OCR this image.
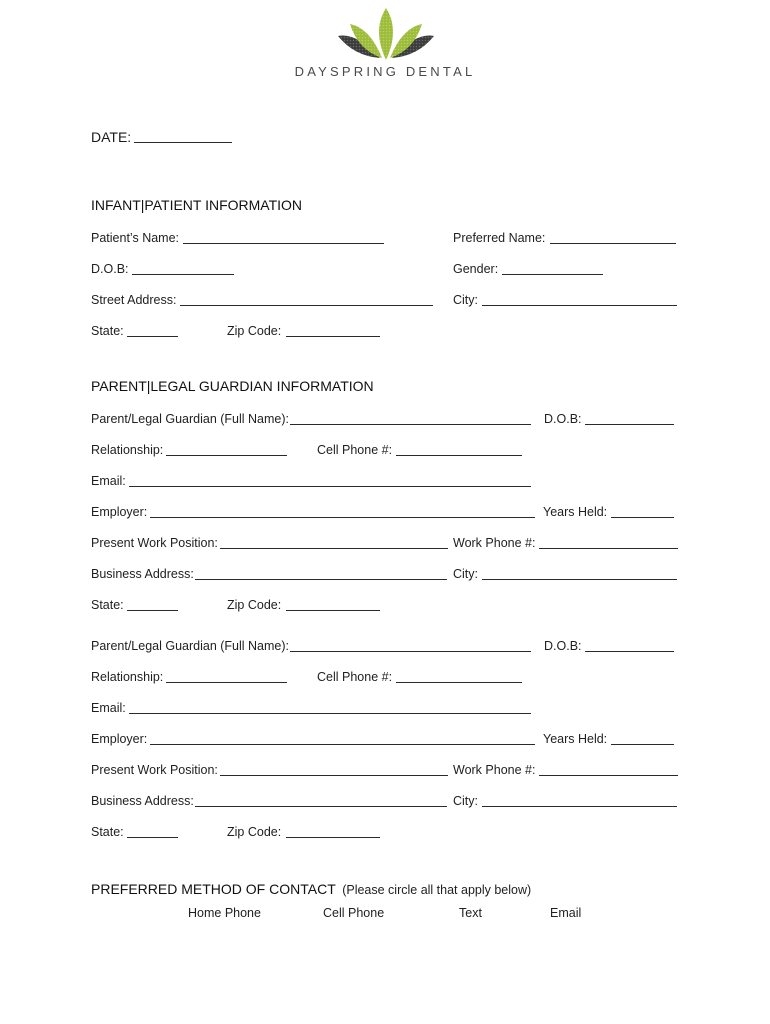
DAYSPRING DENTAL
DATE:
INFANT|PATIENT INFORMATION
Patient’s Name:	Preferred Name:
D.O.B:	Gender:
Street Address:	City:
State:	Zip Code:
PARENT|LEGAL GUARDIAN INFORMATION
Parent/Legal Guardian (Full Name):	D.O.B:
Relationship:	Cell Phone #:
Email:
Employer:	Years Held:
Present Work Position:	Work Phone #:
Business Address:	City:
State:	Zip Code:
Parent/Legal Guardian (Full Name):	D.O.B:
Relationship:	Cell Phone #:
Email:
Employer:	Years Held:
Present Work Position:	Work Phone #:
Business Address:	City:
State:	Zip Code:
PREFERRED METHOD OF CONTACT (Please circle all that apply below)
Home Phone	Cell Phone	Text	Email
